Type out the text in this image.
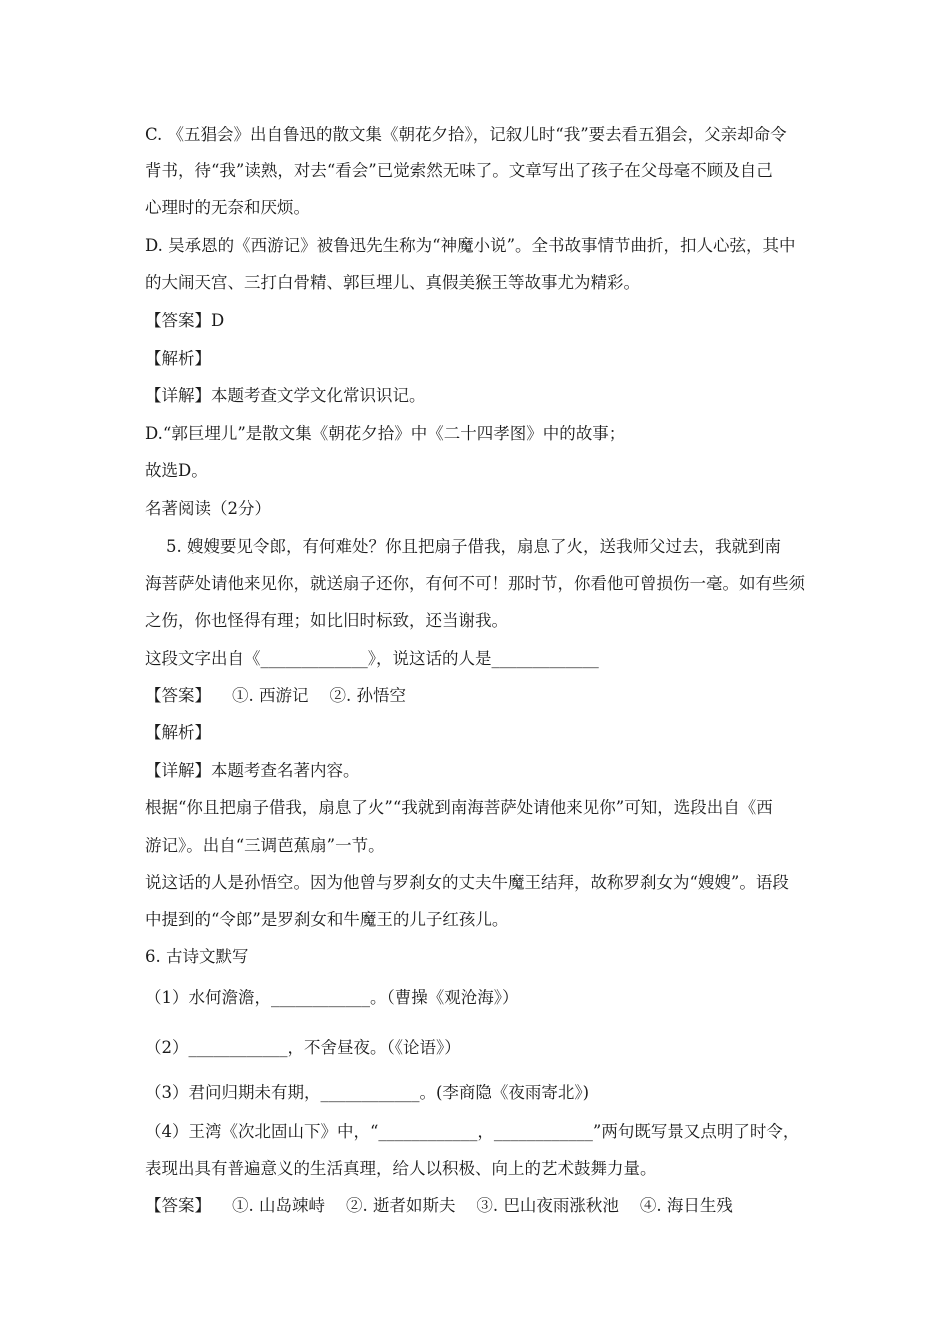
C. 《五猖会》出自鲁迅的散文集《朝花夕拾》，记叙儿时“我”要去看五猖会，父亲却命令
背书，待“我”读熟，对去“看会”已觉索然无味了。文章写出了孩子在父母毫不顾及自己
心理时的无奈和厌烦。
D. 吴承恩的《西游记》被鲁迅先生称为“神魔小说”。全书故事情节曲折，扣人心弦，其中
的大闹天宫、三打白骨精、郭巨埋儿、真假美猴王等故事尤为精彩。
【答案】D
【解析】
【详解】本题考查文学文化常识识记。
D.“郭巨埋儿”是散文集《朝花夕拾》中《二十四孝图》中的故事；
故选D。
名著阅读（2分）
5. 嫂嫂要见令郎，有何难处？你且把扇子借我，扇息了火，送我师父过去，我就到南
海菩萨处请他来见你，就送扇子还你，有何不可！那时节，你看他可曾损伤一毫。如有些须
之伤，你也怪得有理；如比旧时标致，还当谢我。
这段文字出自《_____________》，说这话的人是_____________
【答案】    ①. 西游记    ②. 孙悟空
【解析】
【详解】本题考查名著内容。
根据“你且把扇子借我，扇息了火”“我就到南海菩萨处请他来见你”可知，选段出自《西
游记》。出自“三调芭蕉扇”一节。
说这话的人是孙悟空。因为他曾与罗刹女的丈夫牛魔王结拜，故称罗刹女为“嫂嫂”。语段
中提到的“令郎”是罗刹女和牛魔王的儿子红孩儿。
6. 古诗文默写
（1）水何澹澹，____________。（曹操《观沧海》）
（2）____________，不舍昼夜。（《论语》）
（3）君问归期未有期，____________。(李商隐《夜雨寄北》)
（4）王湾《次北固山下》中，“____________，____________”两句既写景又点明了时令，
表现出具有普遍意义的生活真理，给人以积极、向上的艺术鼓舞力量。
【答案】    ①. 山岛竦峙    ②. 逝者如斯夫    ③. 巴山夜雨涨秋池    ④. 海日生残
